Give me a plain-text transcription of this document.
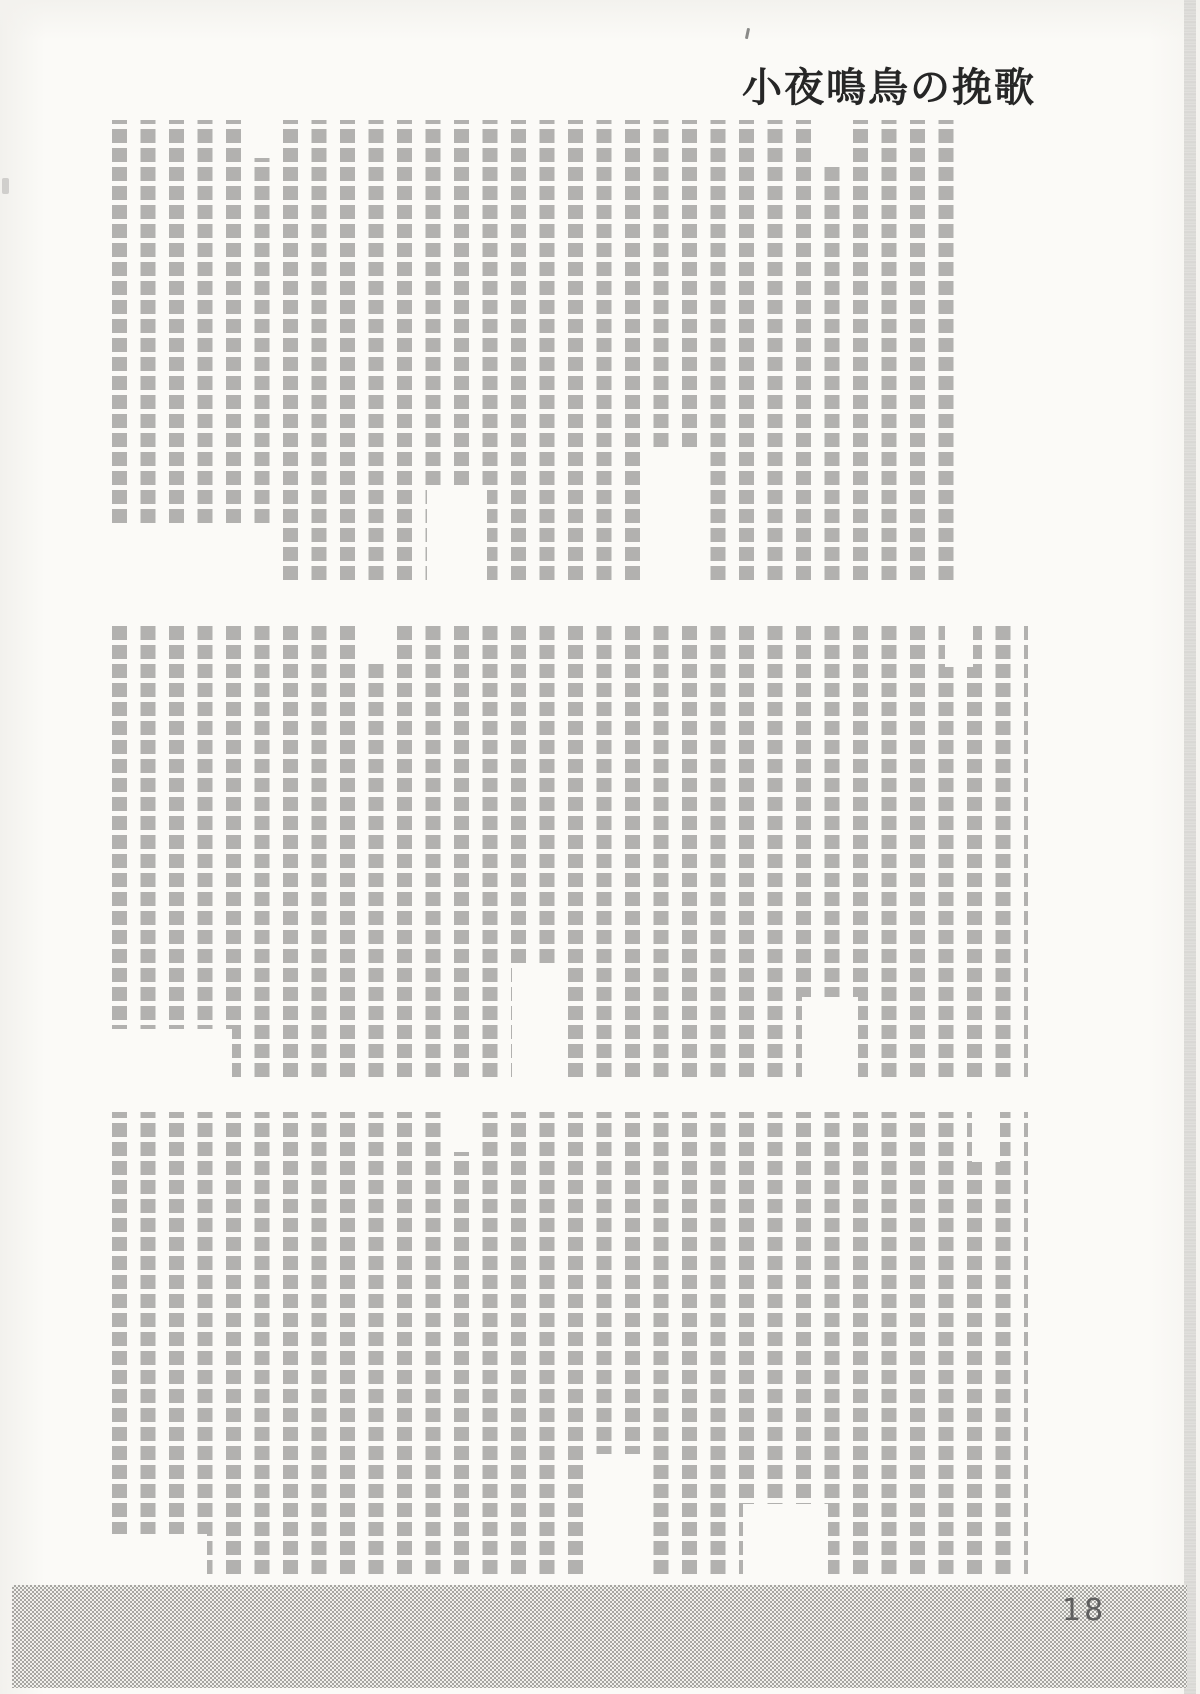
小夜鳴鳥の挽歌
18
